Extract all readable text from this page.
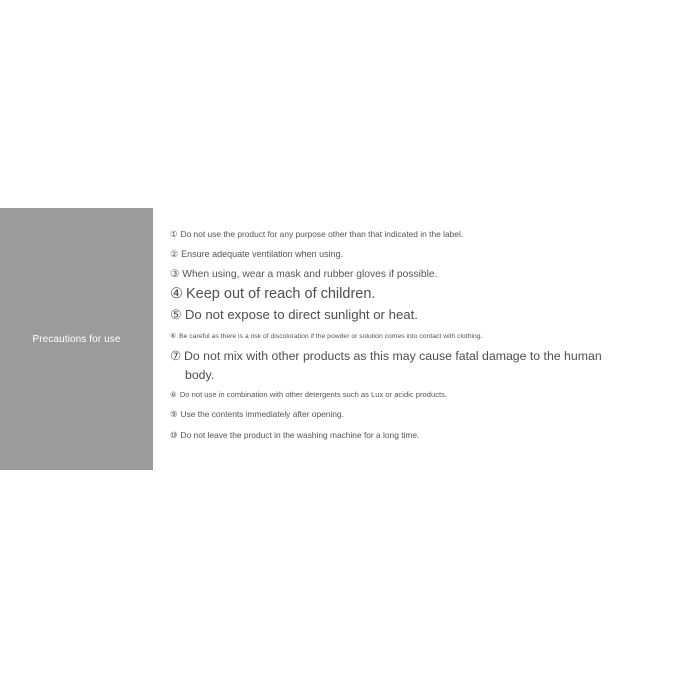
Precautions for use
① Do not use the product for any purpose other than that indicated in the label.
② Ensure adequate ventilation when using.
③ When using, wear a mask and rubber gloves if possible.
④ Keep out of reach of children.
⑤ Do not expose to direct sunlight or heat.
⑥ Be careful as there is a risk of discoloration if the powder or solution comes into contact with clothing.
⑦ Do not mix with other products as this may cause fatal damage to the human
body.
⑧ Do not use in combination with other detergents such as Lux or acidic products.
⑨ Use the contents immediately after opening.
⑩ Do not leave the product in the washing machine for a long time.
